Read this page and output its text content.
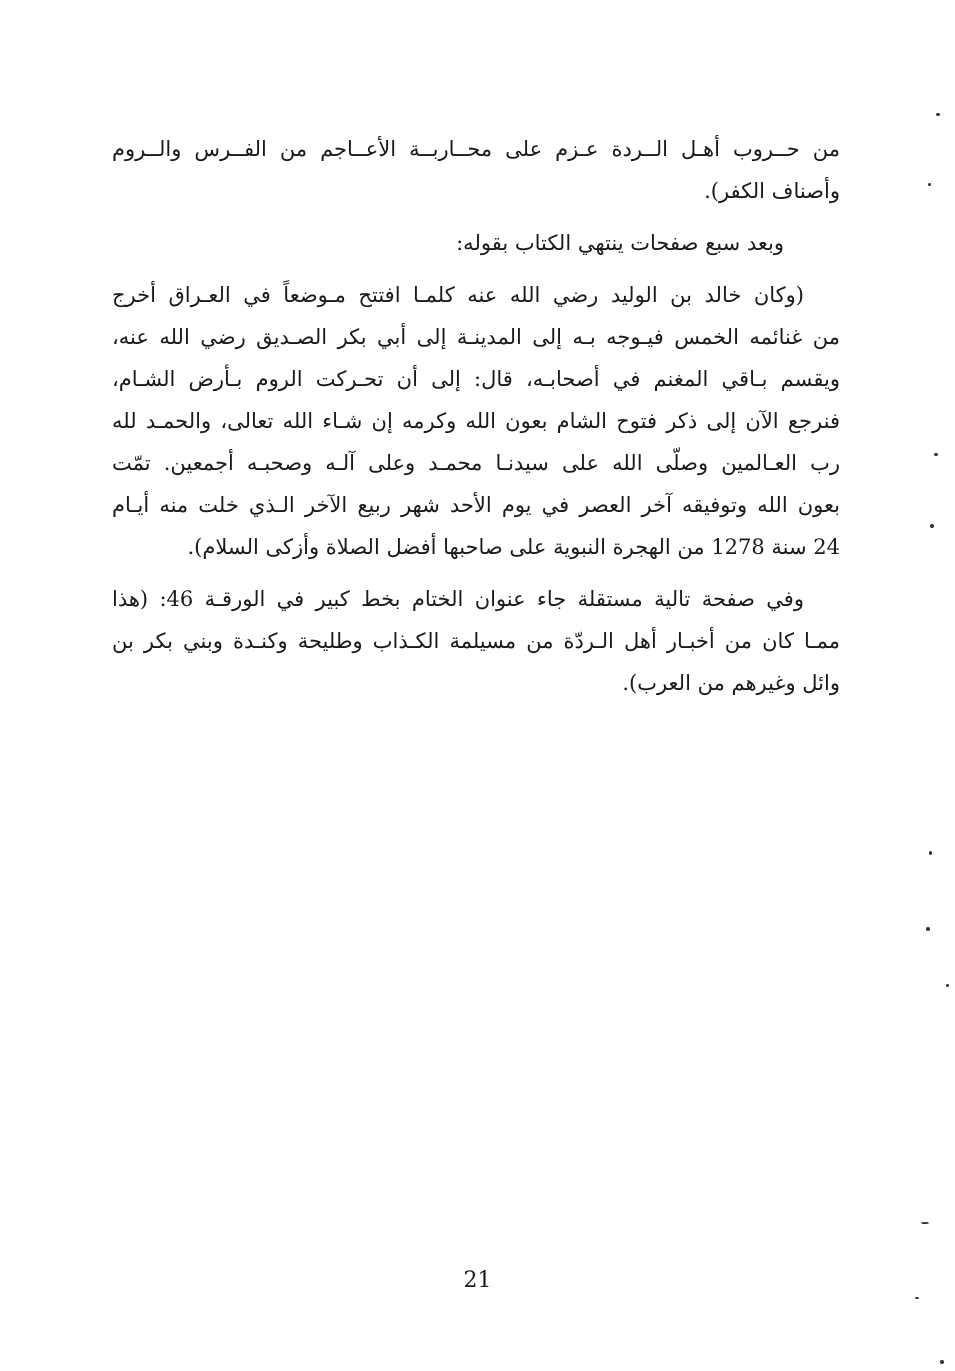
من حــروب أهـل الــردة عـزم على محــاربــة الأعــاجم من الفــرس والــروم
وأصناف الكفر).
وبعد سبع صفحات ينتهي الكتاب بقوله:
(وكان خالد بن الوليد رضي الله عنه كلمـا افتتح مـوضعاً في العـراق أخرج
من غنائمه الخمس فيـوجه بـه إلى المدينـة إلى أبي بكر الصـديق رضي الله عنه،
ويقسم بـاقي المغنم في أصحابـه، قال: إلى أن تحـركت الروم بـأرض الشـام،
فنرجع الآن إلى ذكر فتوح الشام بعون الله وكرمه إن شـاء الله تعالى، والحمـد لله
رب العـالمين وصلّى الله على سيدنـا محمـد وعلى آلـه وصحبـه أجمعين. تمّت
بعون الله وتوفيقه آخر العصر في يوم الأحد شهر ربيع الآخر الـذي خلت منه أيـام
24 سنة 1278 من الهجرة النبوية على صاحبها أفضل الصلاة وأزكى السلام).
وفي صفحة تالية مستقلة جاء عنوان الختام بخط كبير في الورقـة 46: (هذا
ممـا كان من أخبـار أهل الـردّة من مسيلمة الكـذاب وطليحة وكنـدة وبني بكر بن
وائل وغيرهم من العرب).
21
